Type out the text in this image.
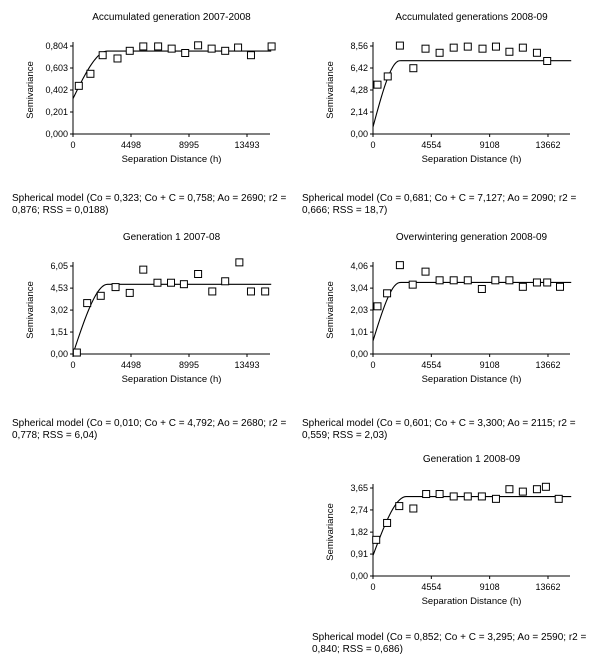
Accumulated generation 2007-2008
0,000
0,201
0,402
0,603
0,804
0	4498	8995	13493
Separation Distance (h)
Semivariance
Spherical model (Co = 0,323; Co + C = 0,758; Ao = 2690; r2 = 0,876; RSS = 0,0188)
Accumulated generations 2008-09
0,00
2,14
4,28
6,42
8,56
0	4554	9108	13662
Separation Distance (h)
Semivariance
Spherical model (Co = 0,681; Co + C = 7,127; Ao = 2090; r2 = 0,666; RSS = 18,7)
Generation 1 2007-08
0,00
1,51
3,02
4,53
6,05
0	4498	8995	13493
Separation Distance (h)
Semivariance
Spherical model (Co = 0,010; Co + C = 4,792; Ao = 2680; r2 = 0,778; RSS = 6,04)
Overwintering generation 2008-09
0,00
1,01
2,03
3,04
4,06
0	4554	9108	13662
Separation Distance (h)
Semivariance
Spherical model (Co = 0,601; Co + C = 3,300; Ao = 2115; r2 = 0,559; RSS = 2,03)
Generation 1 2008-09
0,00
0,91
1,82
2,74
3,65
0	4554	9108	13662
Separation Distance (h)
Semivariance
Spherical model (Co = 0,852; Co + C = 3,295; Ao = 2590; r2 = 0,840; RSS = 0,686)
